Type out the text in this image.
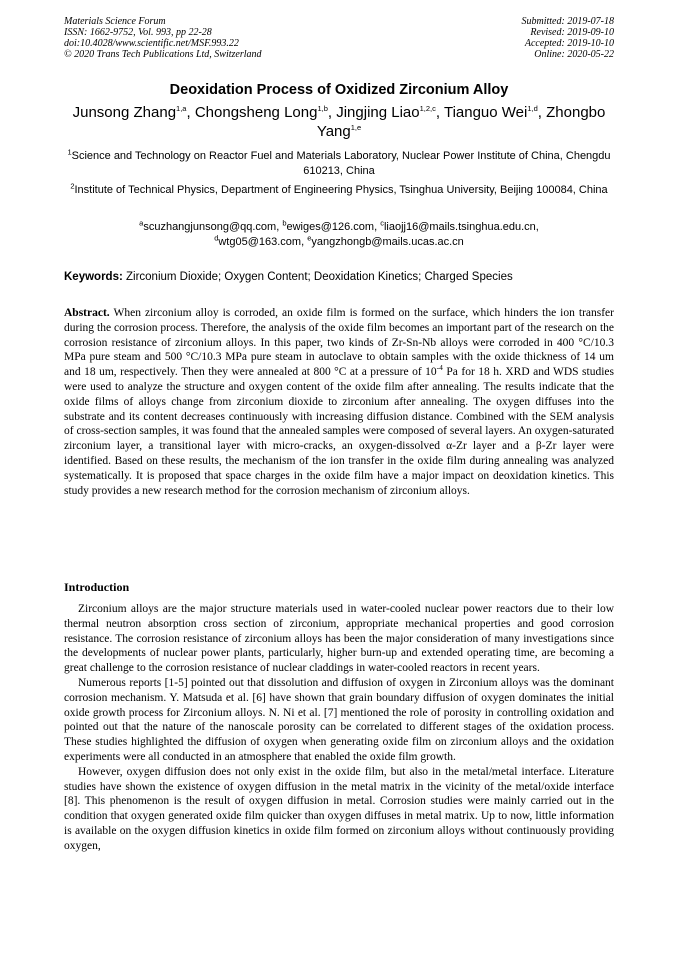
Materials Science Forum
ISSN: 1662-9752, Vol. 993, pp 22-28
doi:10.4028/www.scientific.net/MSF.993.22
© 2020 Trans Tech Publications Ltd, Switzerland
Submitted: 2019-07-18
Revised: 2019-09-10
Accepted: 2019-10-10
Online: 2020-05-22
Deoxidation Process of Oxidized Zirconium Alloy
Junsong Zhang$^{1,a}$, Chongsheng Long$^{1,b}$, Jingjing Liao$^{1,2,c}$, Tianguo Wei$^{1,d}$, Zhongbo Yang$^{1,e}$
$^1$Science and Technology on Reactor Fuel and Materials Laboratory, Nuclear Power Institute of China, Chengdu 610213, China
$^2$Institute of Technical Physics, Department of Engineering Physics, Tsinghua University, Beijing 100084, China
$^a$scuzhangjunsong@qq.com, $^b$ewiges@126.com, $^c$liaojj16@mails.tsinghua.edu.cn,
$^d$wtg05@163.com, $^e$yangzhongb@mails.ucas.ac.cn
Keywords: Zirconium Dioxide; Oxygen Content; Deoxidation Kinetics; Charged Species
Abstract. When zirconium alloy is corroded, an oxide film is formed on the surface, which hinders the ion transfer during the corrosion process. Therefore, the analysis of the oxide film becomes an important part of the research on the corrosion resistance of zirconium alloys. In this paper, two kinds of Zr-Sn-Nb alloys were corroded in 400 °C/10.3 MPa pure steam and 500 °C/10.3 MPa pure steam in autoclave to obtain samples with the oxide thickness of 14 um and 18 um, respectively. Then they were annealed at 800 °C at a pressure of $10^{-4}$ Pa for 18 h. XRD and WDS studies were used to analyze the structure and oxygen content of the oxide film after annealing. The results indicate that the oxide films of alloys change from zirconium dioxide to zirconium after annealing. The oxygen diffuses into the substrate and its content decreases continuously with increasing diffusion distance. Combined with the SEM analysis of cross-section samples, it was found that the annealed samples were composed of several layers. An oxygen-saturated zirconium layer, a transitional layer with micro-cracks, an oxygen-dissolved α-Zr layer and a β-Zr layer were identified. Based on these results, the mechanism of the ion transfer in the oxide film during annealing was analyzed systematically. It is proposed that space charges in the oxide film have a major impact on deoxidation kinetics. This study provides a new research method for the corrosion mechanism of zirconium alloys.
Introduction

Zirconium alloys are the major structure materials used in water-cooled nuclear power reactors due to their low thermal neutron absorption cross section of zirconium, appropriate mechanical properties and good corrosion resistance. The corrosion resistance of zirconium alloys has been the major consideration of many investigations since the developments of nuclear power plants, particularly, higher burn-up and extended operating time, are becoming a great challenge to the corrosion resistance of nuclear claddings in water-cooled reactors in recent years.

Numerous reports [1-5] pointed out that dissolution and diffusion of oxygen in Zirconium alloys was the dominant corrosion mechanism. Y. Matsuda et al. [6] have shown that grain boundary diffusion of oxygen dominates the initial oxide growth process for Zirconium alloys. N. Ni et al. [7] mentioned the role of porosity in controlling oxidation and pointed out that the nature of the nanoscale porosity can be correlated to different stages of the oxidation process. These studies highlighted the diffusion of oxygen when generating oxide film on zirconium alloys and the oxidation experiments were all conducted in an atmosphere that enabled the oxide film growth.

However, oxygen diffusion does not only exist in the oxide film, but also in the metal/metal interface. Literature studies have shown the existence of oxygen diffusion in the metal matrix in the vicinity of the metal/oxide interface [8]. This phenomenon is the result of oxygen diffusion in metal. Corrosion studies were mainly carried out in the condition that oxygen generated oxide film quicker than oxygen diffuses in metal matrix. Up to now, little information is available on the oxygen diffusion kinetics in oxide film formed on zirconium alloys without continuously providing oxygen,
